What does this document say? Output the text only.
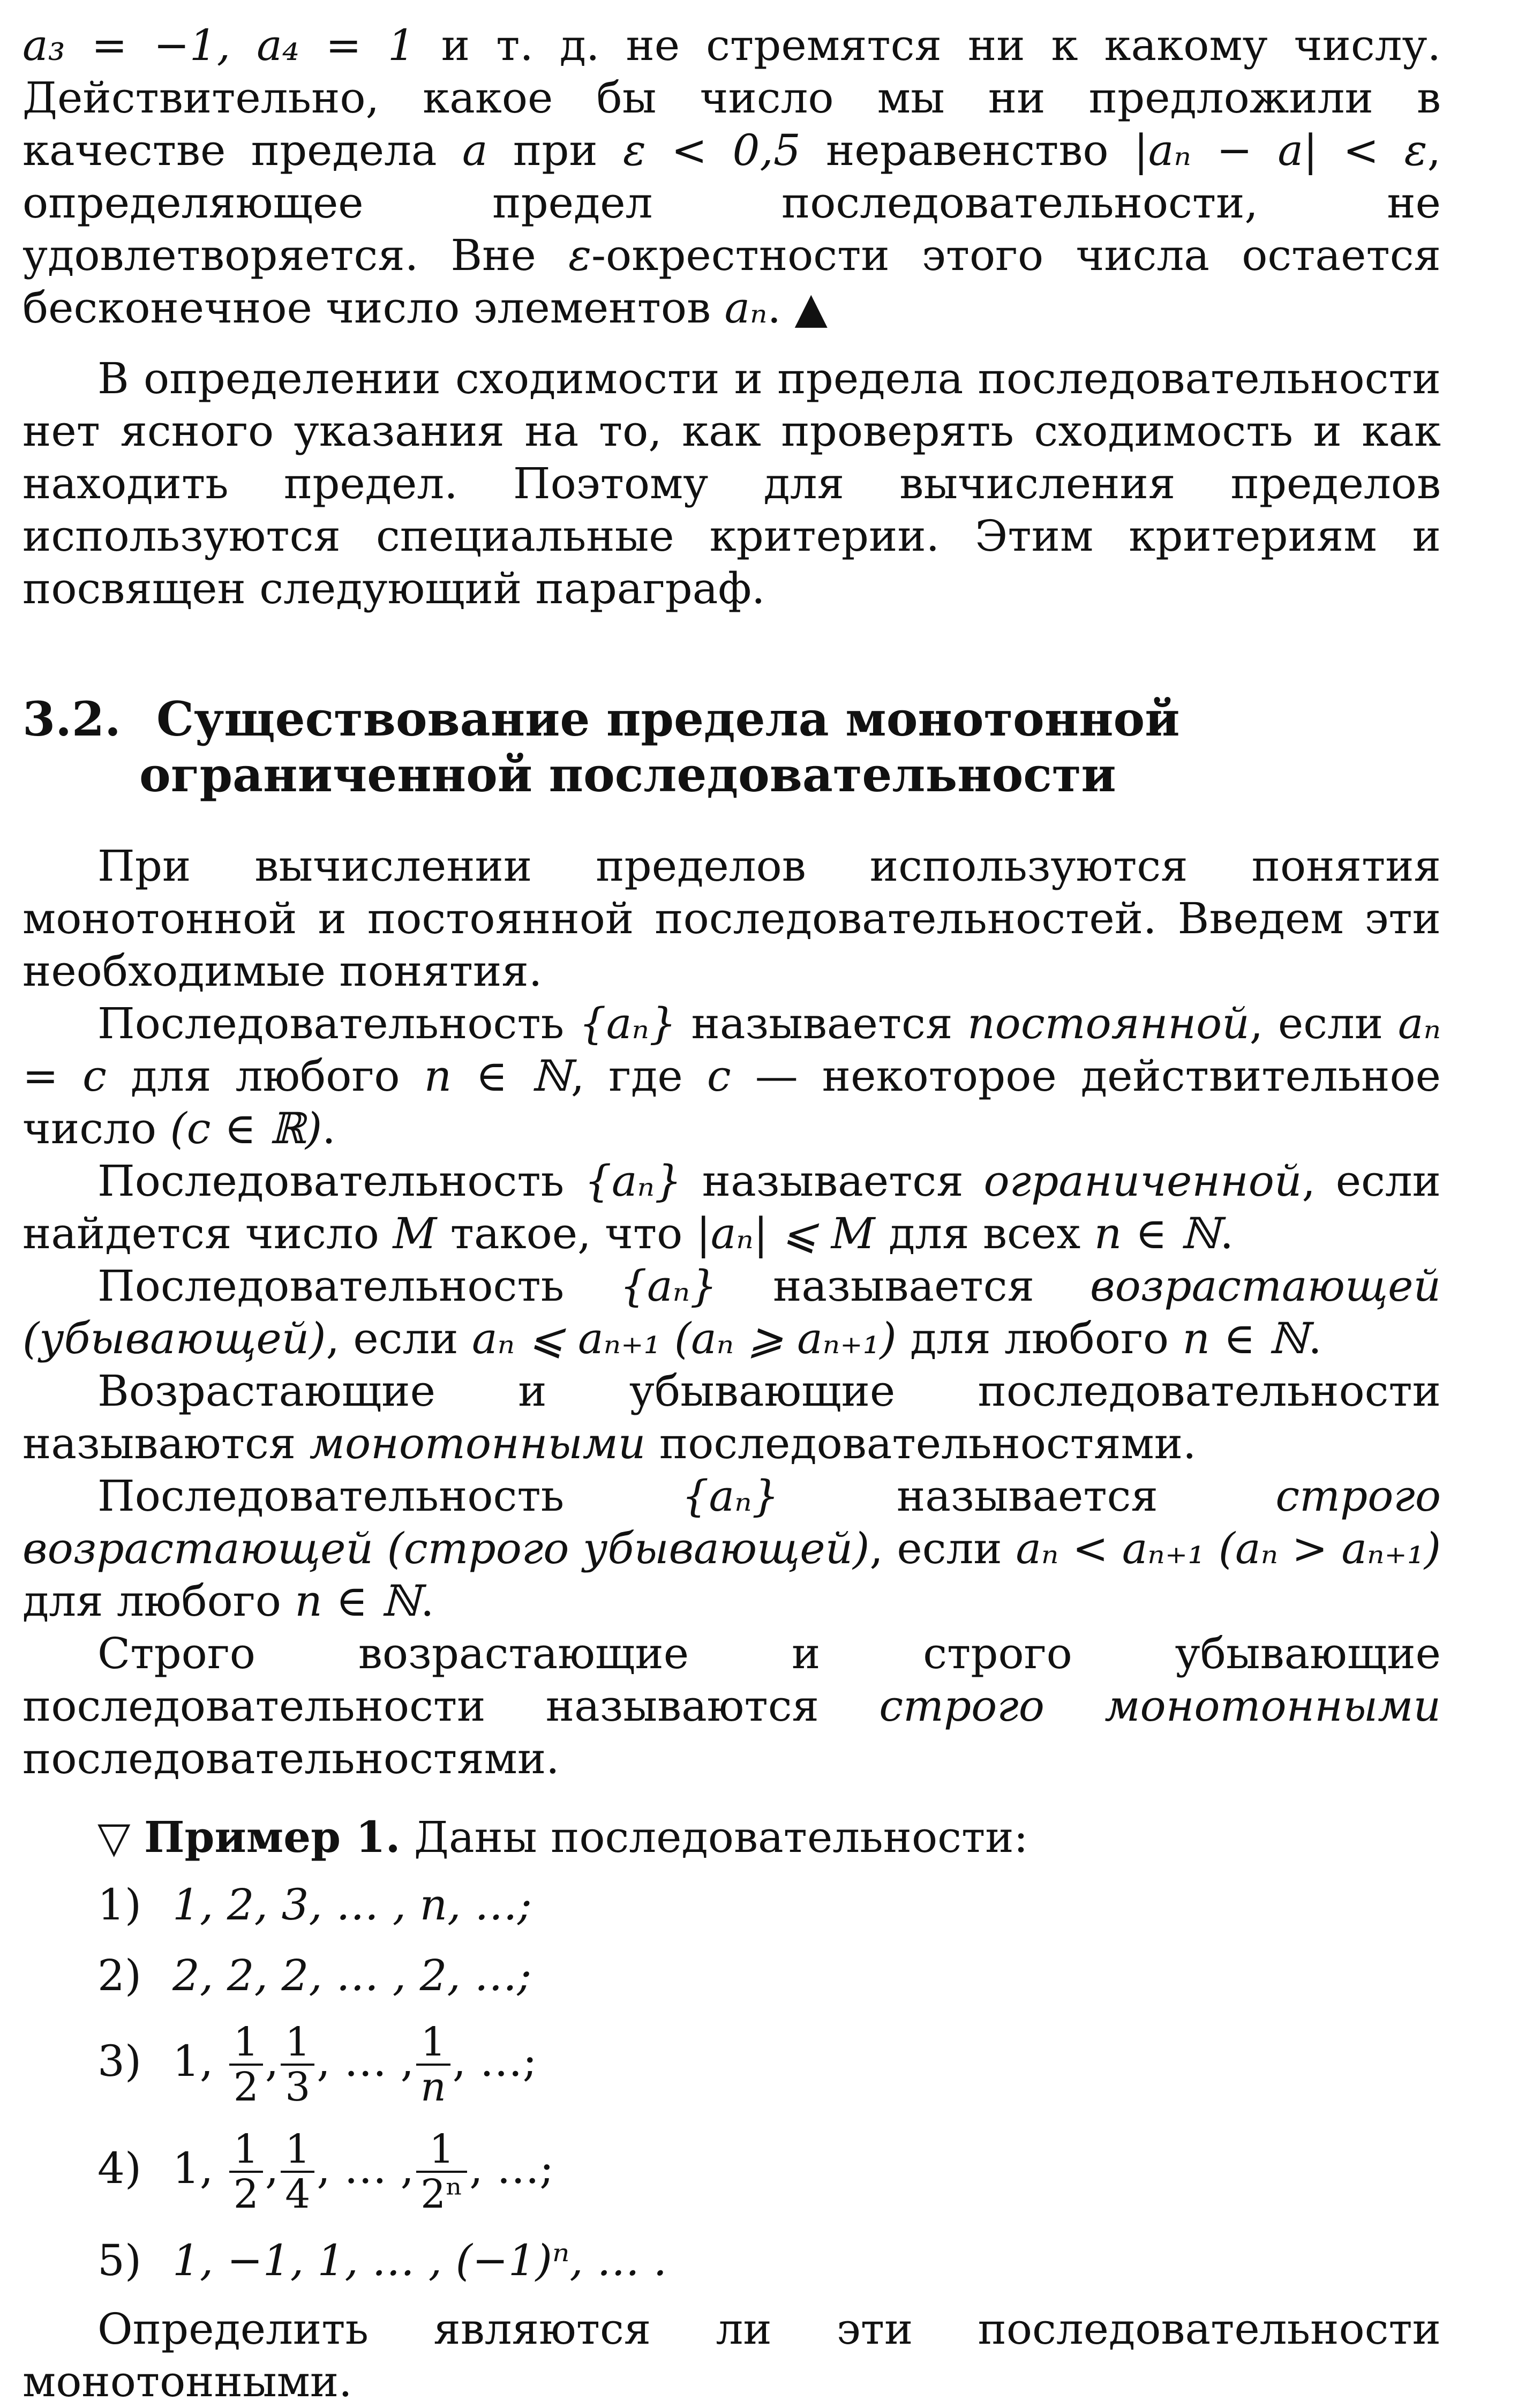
a₃ = −1, a₄ = 1 и т. д. не стремятся ни к какому числу. Действительно, какое бы число мы ни предложили в качестве предела a при ε < 0,5 неравенство |aₙ − a| < ε, определяющее предел последовательности, не удовлетворяется. Вне ε-окрестности этого числа остается бесконечное число элементов aₙ. ▲

В определении сходимости и предела последовательности нет ясного указания на то, как проверять сходимость и как находить предел. Поэтому для вычисления пределов используются специальные критерии. Этим критериям и посвящен следующий параграф.

3.2. Существование предела монотонной
ограниченной последовательности

При вычислении пределов используются понятия монотонной и постоянной последовательностей. Введем эти необходимые понятия.

Последовательность {aₙ} называется постоянной, если aₙ = c для любого n ∈ ℕ, где c — некоторое действительное число (c ∈ ℝ).

Последовательность {aₙ} называется ограниченной, если найдется число M такое, что |aₙ| ⩽ M для всех n ∈ ℕ.

Последовательность {aₙ} называется возрастающей (убывающей), если aₙ ⩽ aₙ₊₁ (aₙ ⩾ aₙ₊₁) для любого n ∈ ℕ.

Возрастающие и убывающие последовательности называются монотонными последовательностями.

Последовательность {aₙ} называется строго возрастающей (строго убывающей), если aₙ < aₙ₊₁ (aₙ > aₙ₊₁) для любого n ∈ ℕ.

Строго возрастающие и строго убывающие последовательности называются строго монотонными последовательностями.

▽ Пример 1. Даны последовательности:

1) 1, 2, 3, … , n, …;
2) 2, 2, 2, … , 2, …;
3) 1, $\frac{1}{2}$ , $\frac{1}{3}$ , … , $\frac{1}{n}$ , …;
4) 1, $\frac{1}{2}$ , $\frac{1}{4}$ , … , $\frac{1}{\text{2ⁿ}}$ , …;
5) 1, −1, 1, … , (−1)ⁿ, … .

Определить являются ли эти последовательности монотонными.
